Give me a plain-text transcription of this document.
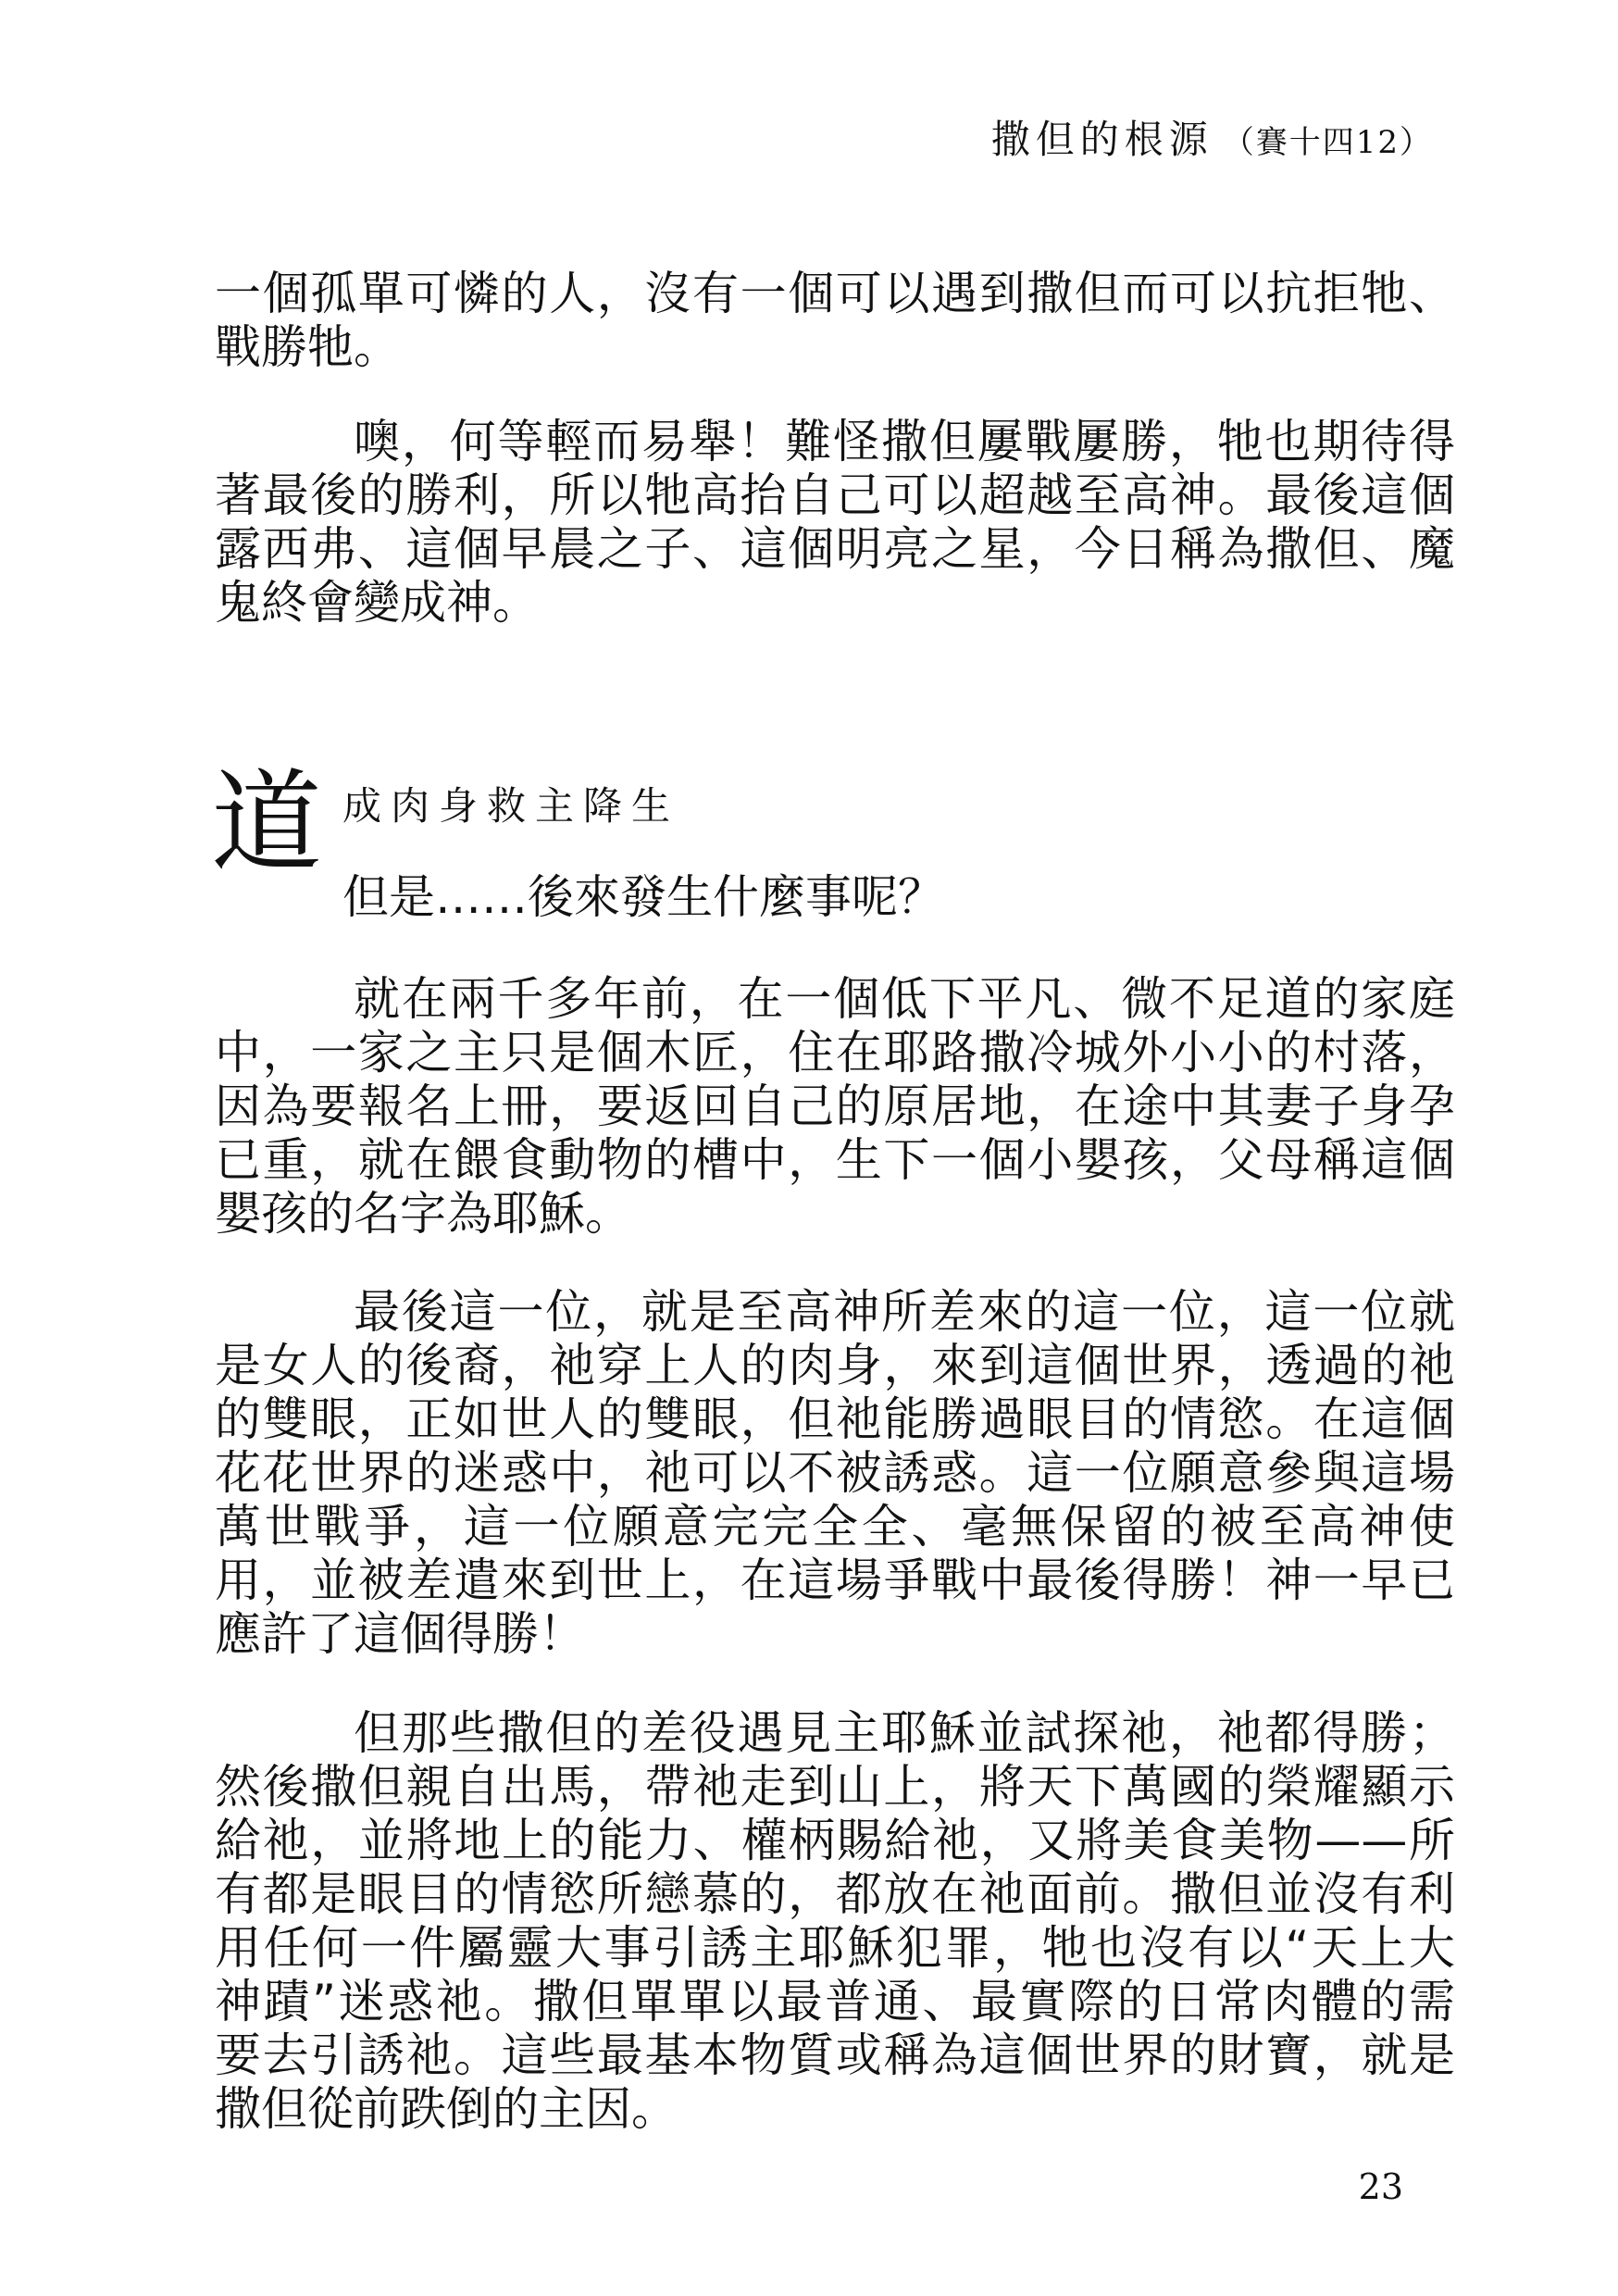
撒但的根源 （賽十四12）
一個孤單可憐的人，沒有一個可以遇到撒但而可以抗拒牠、
戰勝牠。
噢，何等輕而易舉！難怪撒但屢戰屢勝，牠也期待得
著最後的勝利，所以牠高抬自己可以超越至高神。最後這個
露西弗、這個早晨之子、這個明亮之星，今日稱為撒但、魔
鬼終會變成神。
道 成肉身救主降生
但是……後來發生什麼事呢？
就在兩千多年前，在一個低下平凡、微不足道的家庭
中，一家之主只是個木匠，住在耶路撒冷城外小小的村落，
因為要報名上冊，要返回自己的原居地，在途中其妻子身孕
已重，就在餵食動物的槽中，生下一個小嬰孩，父母稱這個
嬰孩的名字為耶穌。
最後這一位，就是至高神所差來的這一位，這一位就
是女人的後裔，祂穿上人的肉身，來到這個世界，透過的祂
的雙眼，正如世人的雙眼，但祂能勝過眼目的情慾。在這個
花花世界的迷惑中，祂可以不被誘惑。這一位願意參與這場
萬世戰爭，這一位願意完完全全、毫無保留的被至高神使
用，並被差遣來到世上，在這場爭戰中最後得勝！神一早已
應許了這個得勝！
但那些撒但的差役遇見主耶穌並試探祂，祂都得勝；
然後撒但親自出馬，帶祂走到山上，將天下萬國的榮耀顯示
給祂，並將地上的能力、權柄賜給祂，又將美食美物——所
有都是眼目的情慾所戀慕的，都放在祂面前。撒但並沒有利
用任何一件屬靈大事引誘主耶穌犯罪，牠也沒有以“天上大
神蹟”迷惑祂。撒但單單以最普通、最實際的日常肉體的需
要去引誘祂。這些最基本物質或稱為這個世界的財寶，就是
撒但從前跌倒的主因。
23
